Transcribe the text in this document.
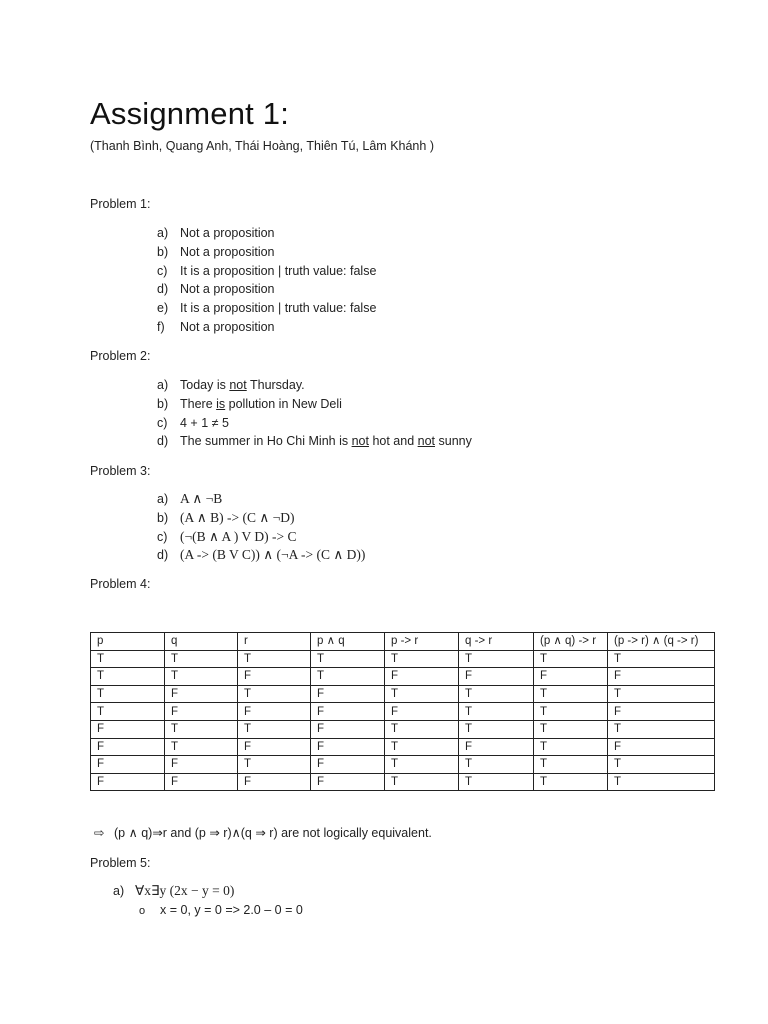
Assignment 1:
(Thanh Bình, Quang Anh, Thái Hoàng, Thiên Tú, Lâm Khánh )
Problem 1:
a) Not a proposition
b) Not a proposition
c) It is a proposition | truth value: false
d) Not a proposition
e) It is a proposition | truth value: false
f) Not a proposition
Problem 2:
a) Today is not Thursday.
b) There is pollution in New Deli
c) 4 + 1 ≠ 5
d) The summer in Ho Chi Minh is not hot and not sunny
Problem 3:
a) A ∧ ¬B
b) (A ∧ B) -> (C ∧ ¬D)
c) (¬(B ∧ A ) V D) -> C
d) (A -> (B V C)) ∧ (¬A -> (C ∧ D))
Problem 4:
p	q	r	p ∧ q	p -> r	q -> r	(p ∧ q) -> r	(p -> r) ∧ (q -> r)
T	T	T	T	T	T	T	T
T	T	F	T	F	F	F	F
T	F	T	F	T	T	T	T
T	F	F	F	F	T	T	F
F	T	T	F	T	T	T	T
F	T	F	F	T	F	T	F
F	F	T	F	T	T	T	T
F	F	F	F	T	T	T	T
⇨ (p ∧ q)⇒r and (p ⇒ r)∧(q ⇒ r) are not logically equivalent.
Problem 5:
a) ∀x∃y (2x − y = 0)
o x = 0, y = 0 => 2.0 – 0 = 0
